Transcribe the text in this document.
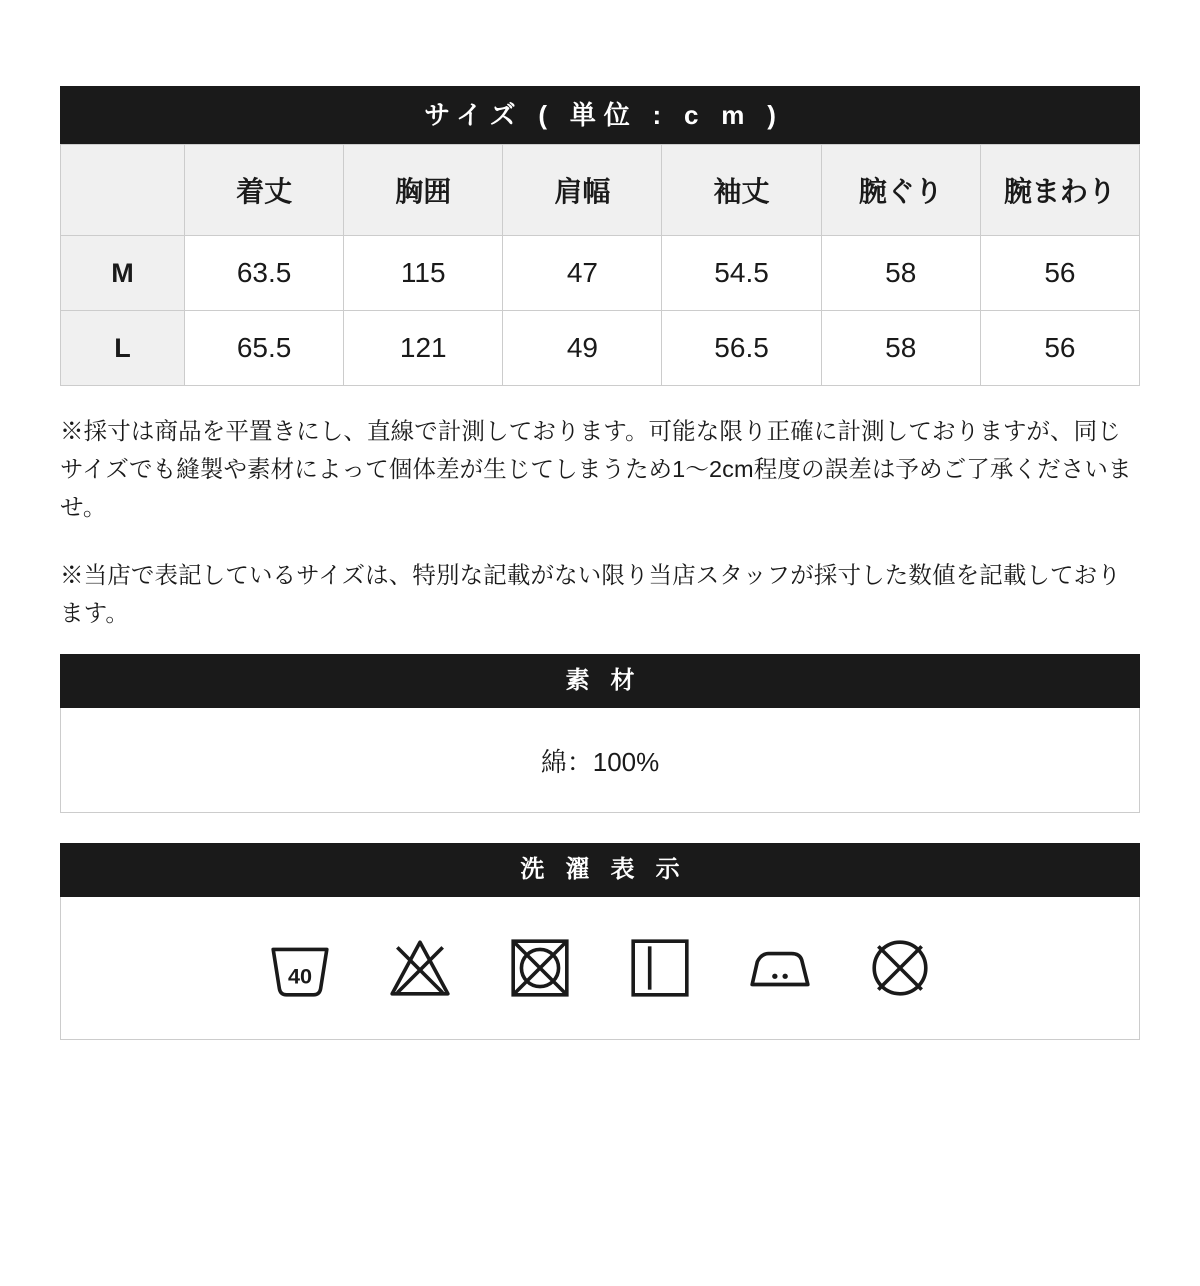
サイズ ( 単位 : c m )
	着丈	胸囲	肩幅	袖丈	腕ぐり	腕まわり
M	63.5	115	47	54.5	58	56
L	65.5	121	49	56.5	58	56

※採寸は商品を平置きにし、直線で計測しております。可能な限り正確に計測しておりますが、同じサイズでも縫製や素材によって個体差が生じてしまうため1〜2cm程度の誤差は予めご了承くださいませ。

※当店で表記しているサイズは、特別な記載がない限り当店スタッフが採寸した数値を記載しております。

素 材
綿：100%
洗 濯 表 示
40
